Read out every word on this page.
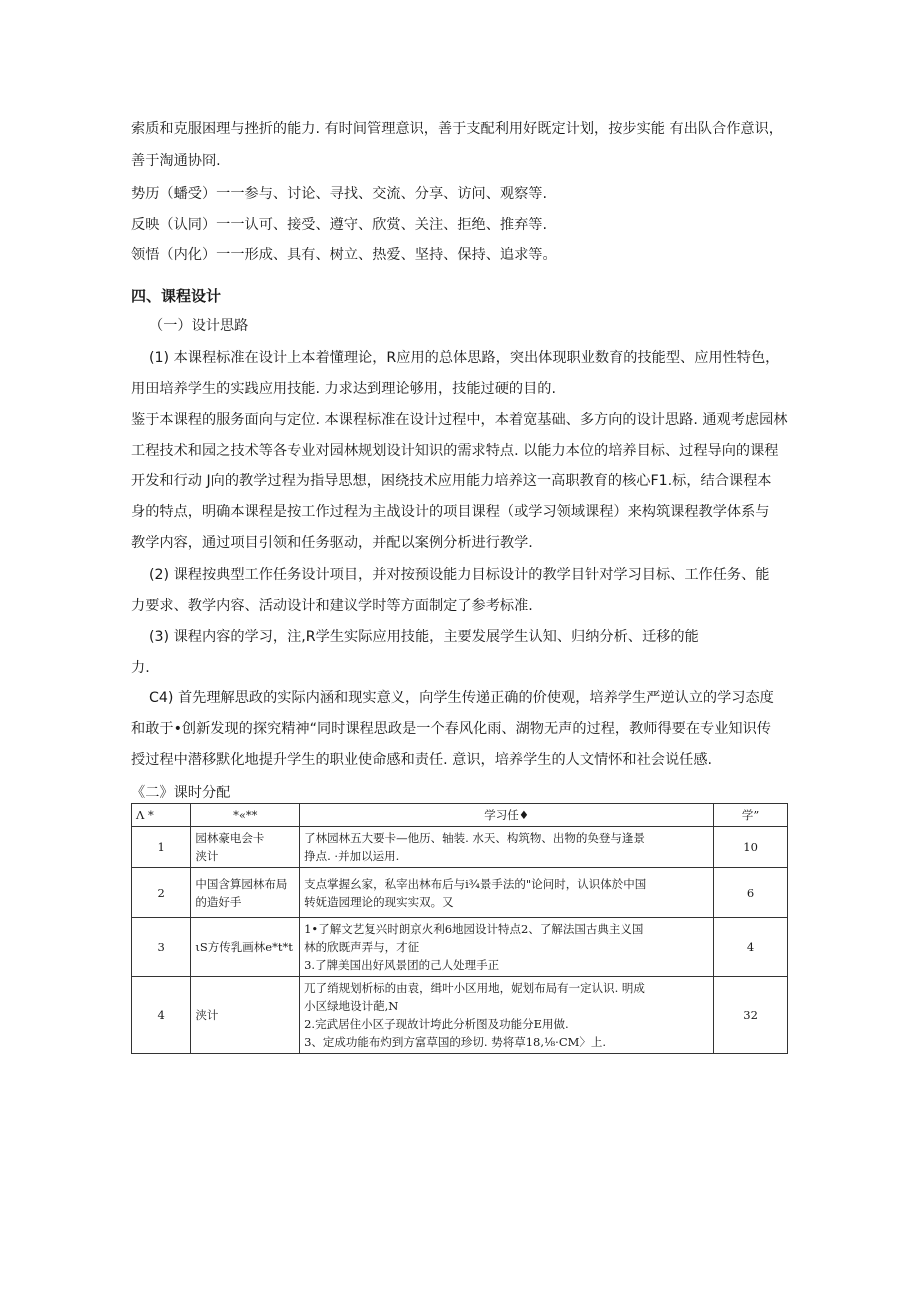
索质和克服困理与挫折的能力. 有时间管理意识，善于支配利用好既定计划，按步实能 有出队合作意识，

善于淘通协冏.

势历（蟠受）一一参与、讨论、寻找、交流、分享、访问、观察等.

反映（认同）一一认可、接受、遵守、欣赏、关注、拒绝、推弃等.

领悟（内化）一一形成、具有、树立、热爱、坚持、保持、追求等。

四、课程设计

（一）设计思路

(1) 本课程标准在设计上本着懂理论，R应用的总体思路，突出体现职业数育的技能型、应用性特色，

用田培养学生的实践应用技能. 力求达到理论够用，技能过硬的目的.

鉴于本课程的服务面向与定位. 本课程标准在设计过程中，本着宽基础、多方向的设计思路. 通观考虑园林

工程技术和园之技术等各专业对园林规划设计知识的需求特点. 以能力本位的培养目标、过程导向的课程

开发和行动 J向的教学过程为指导思想，困绕技术应用能力培养这一高职教育的核心F1.标，结合课程本

身的特点，明确本课程是按工作过程为主战设计的项目课程（或学习领域课程）来构筑课程教学体系与

教学内容，通过项目引领和任务驱动，并配以案例分析进行教学.

(2) 课程按典型工作任务设计项目，并对按预设能力目标设计的教学目针对学习目标、工作任务、能

力要求、教学内容、活动设计和建议学时等方面制定了参考标准.

(3) 课程内容的学习，注,R学生实际应用技能，主要发展学生认知、归纳分析、迁移的能

力.

C4) 首先理解思政的实际内涵和现实意义，向学生传递正确的价使观，培养学生严逆认立的学习态度

和敢于•创新发现的探究精神“同时课程思政是一个春风化雨、湖物无声的过程，教师得要在专业知识传

授过程中潜移默化地提升学生的职业使命感和责任. 意识，培养学生的人文情怀和社会说任感.

《二》课时分配

Λ *	*«**	学习任♦	学”
1	园林豪电会卡
浃计	了林园林五大要卡—他历、轴装. 水天、构筑物、出物的奂登与逢景
挣点. ·并加以运用.	10
2	中国含算园林布局
的造好手	支点掌握幺家，私宰出林布后与i¾景手法的"论问时，认识体於中国
转妩造园理论的现实实双。又	6
3	ιS方传乳画林e*t*t	1•了解文艺复兴时朗京火利6地园设计特点2、了解法国古典主义国
林的欣既声弄与，才征
3.了牌美国出好风景团的己人处理手正	4
4	浃计	兀了绡规划析标的由袁，缉叶小区用地，妮划布局有一定认识. 明成
小区绿地设计葩,N
2.完武居住小区子现故计垮此分析图及功能分E用做.
3、定成功能布灼到方富草国的珍切. 势将草18,⅛·CM〉上.	32
